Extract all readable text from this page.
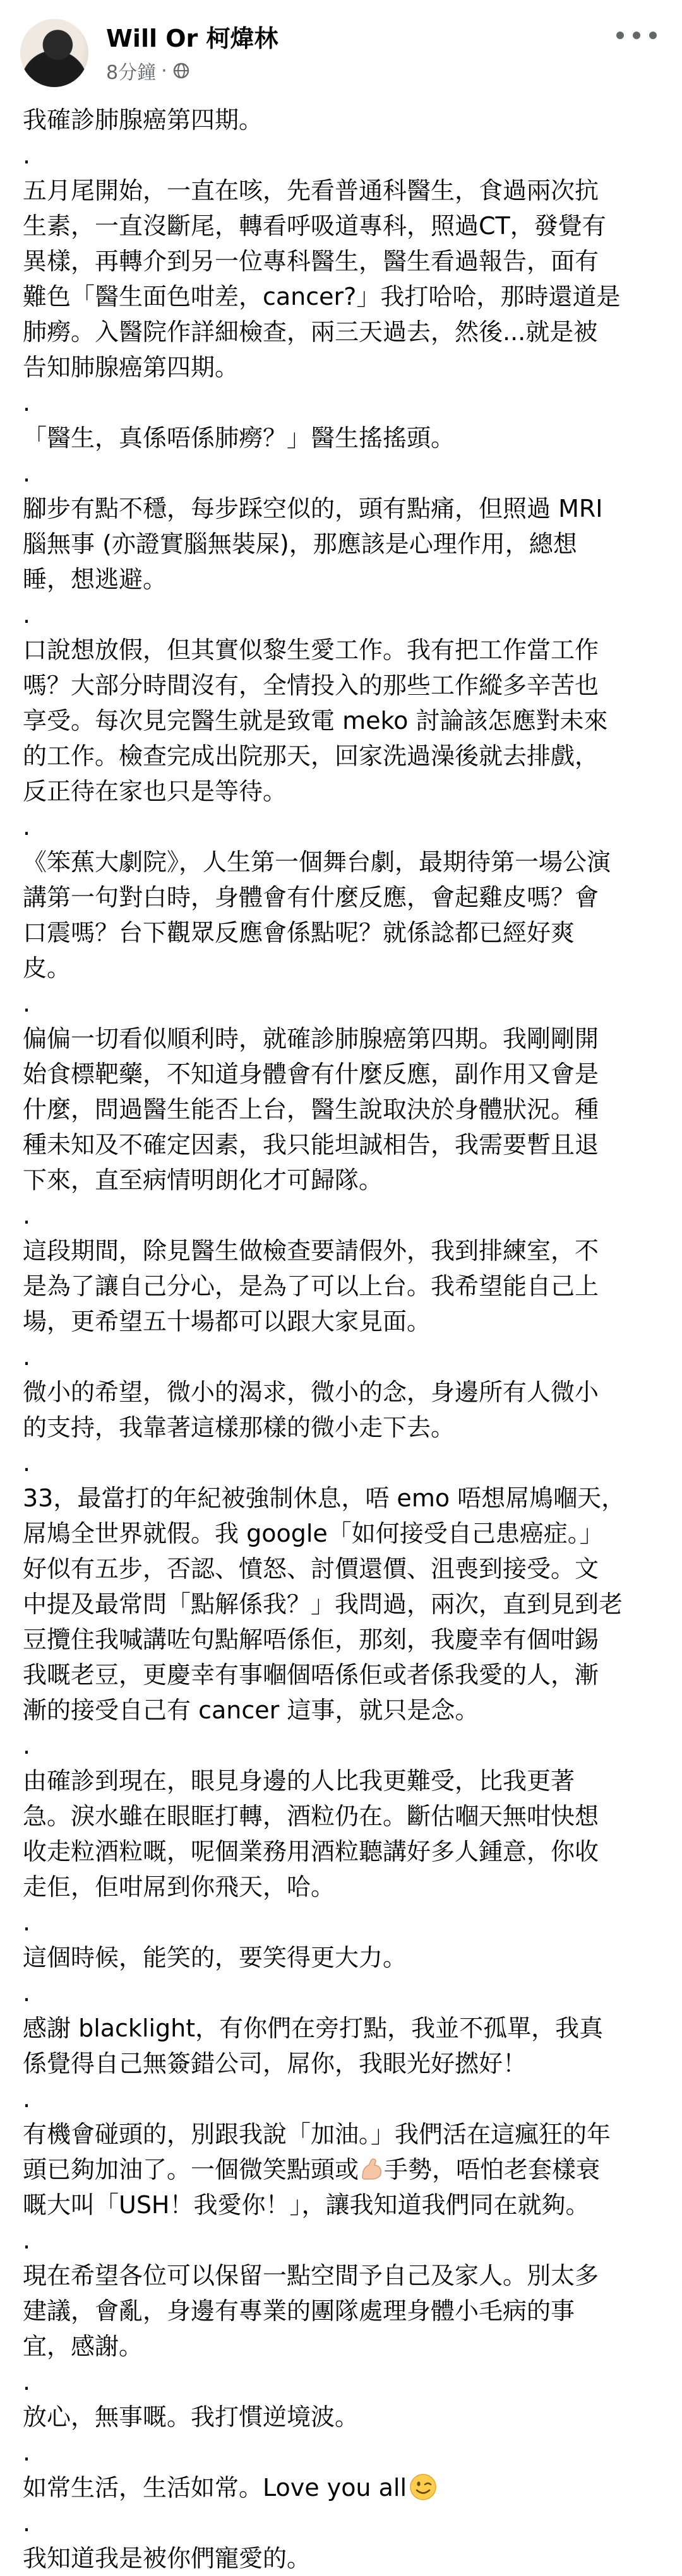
Will Or 柯煒林
8分鐘 ·
我確診肺腺癌第四期。
.
五月尾開始，一直在咳，先看普通科醫生，食過兩次抗
生素，一直沒斷尾，轉看呼吸道專科，照過CT，發覺有
異樣，再轉介到另一位專科醫生，醫生看過報告，面有
難色「醫生面色咁差，cancer?」我打哈哈，那時還道是
肺癆。入醫院作詳細檢查，兩三天過去，然後...就是被
告知肺腺癌第四期。
.
「醫生，真係唔係肺癆？」醫生搖搖頭。
.
腳步有點不穩，每步踩空似的，頭有點痛，但照過 MRI
腦無事 (亦證實腦無裝屎)，那應該是心理作用，總想
睡，想逃避。
.
口說想放假，但其實似黎生愛工作。我有把工作當工作
嗎？大部分時間沒有，全情投入的那些工作縱多辛苦也
享受。每次見完醫生就是致電 meko 討論該怎應對未來
的工作。檢查完成出院那天，回家洗過澡後就去排戲，
反正待在家也只是等待。
.
《笨蕉大劇院》，人生第一個舞台劇，最期待第一場公演
講第一句對白時，身體會有什麼反應，會起雞皮嗎？會
口震嗎？台下觀眾反應會係點呢？就係諗都已經好爽
皮。
.
偏偏一切看似順利時，就確診肺腺癌第四期。我剛剛開
始食標靶藥，不知道身體會有什麼反應，副作用又會是
什麼，問過醫生能否上台，醫生說取決於身體狀況。種
種未知及不確定因素，我只能坦誠相告，我需要暫且退
下來，直至病情明朗化才可歸隊。
.
這段期間，除見醫生做檢查要請假外，我到排練室，不
是為了讓自己分心，是為了可以上台。我希望能自己上
場，更希望五十場都可以跟大家見面。
.
微小的希望，微小的渴求，微小的念，身邊所有人微小
的支持，我靠著這樣那樣的微小走下去。
.
33，最當打的年紀被強制休息，唔 emo 唔想屌鳩嗰天，
屌鳩全世界就假。我 google「如何接受自己患癌症。」
好似有五步，否認、憤怒、討價還價、沮喪到接受。文
中提及最常問「點解係我？」我問過，兩次，直到見到老
豆攬住我喊講咗句點解唔係佢，那刻，我慶幸有個咁錫
我嘅老豆，更慶幸有事嗰個唔係佢或者係我愛的人，漸
漸的接受自己有 cancer 這事，就只是念。
.
由確診到現在，眼見身邊的人比我更難受，比我更著
急。淚水雖在眼眶打轉，酒粒仍在。斷估嗰天無咁快想
收走粒酒粒嘅，呢個業務用酒粒聽講好多人鍾意，你收
走佢，佢咁屌到你飛天，哈。
.
這個時候，能笑的，要笑得更大力。
.
感謝 blacklight，有你們在旁打點，我並不孤單，我真
係覺得自己無簽錯公司，屌你，我眼光好撚好！
.
有機會碰頭的，別跟我說「加油。」我們活在這瘋狂的年
頭已夠加油了。一個微笑點頭或 手勢，唔怕老套樣衰
嘅大叫「USH！我愛你！」，讓我知道我們同在就夠。
.
現在希望各位可以保留一點空間予自己及家人。別太多
建議，會亂，身邊有專業的團隊處理身體小毛病的事
宜，感謝。
.
放心，無事嘅。我打慣逆境波。
.
如常生活，生活如常。Love you all
.
我知道我是被你們寵愛的。
